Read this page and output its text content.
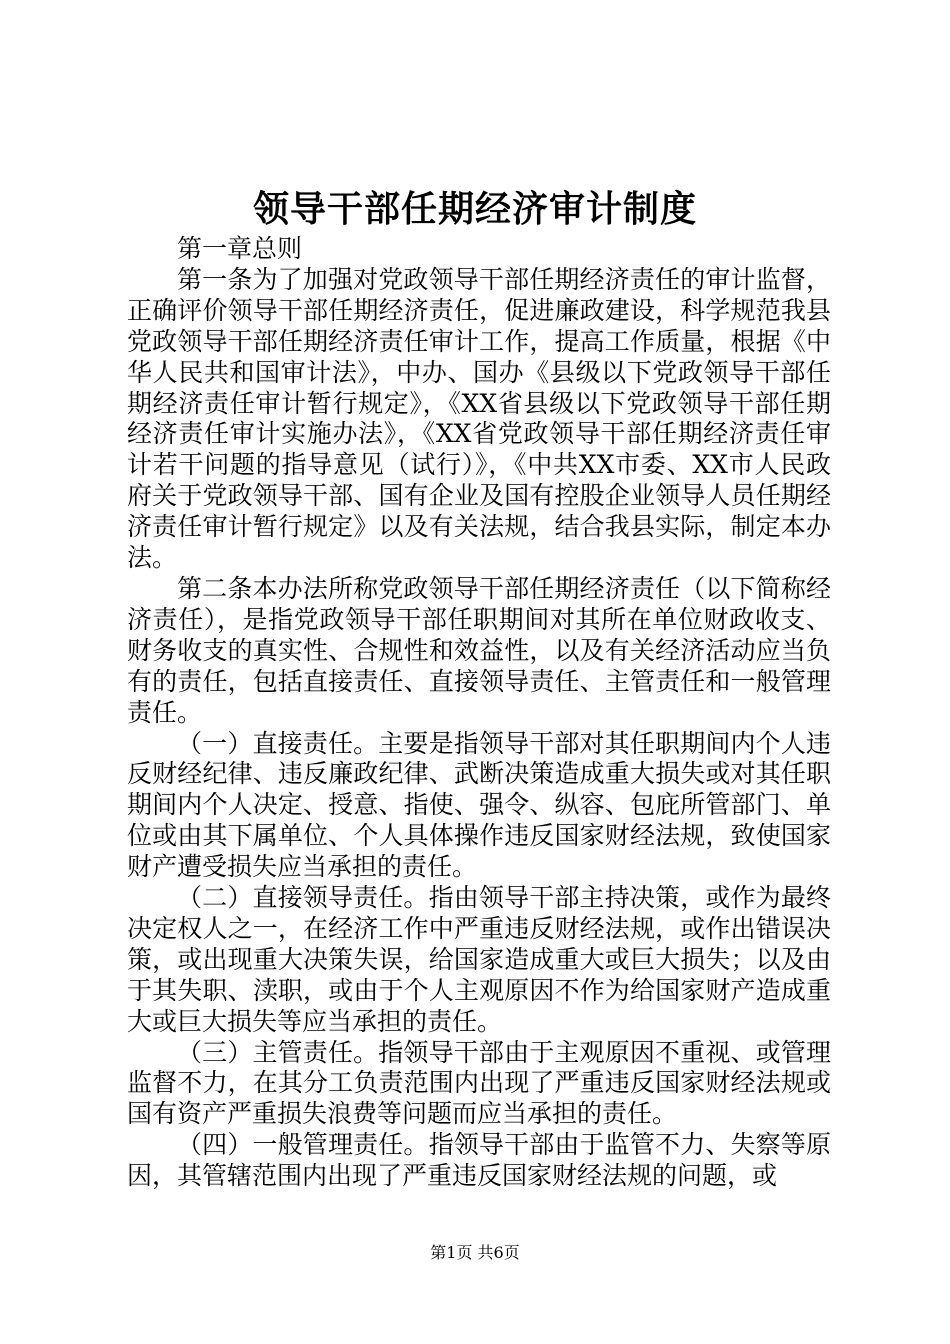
领导干部任期经济审计制度

第一章总则

第一条为了加强对党政领导干部任期经济责任的审计监督，正确评价领导干部任期经济责任，促进廉政建设，科学规范我县党政领导干部任期经济责任审计工作，提高工作质量，根据《中华人民共和国审计法》，中办、国办《县级以下党政领导干部任期经济责任审计暂行规定》，《XX省县级以下党政领导干部任期经济责任审计实施办法》，《XX省党政领导干部任期经济责任审计若干问题的指导意见（试行）》，《中共XX市委、XX市人民政府关于党政领导干部、国有企业及国有控股企业领导人员任期经济责任审计暂行规定》以及有关法规，结合我县实际，制定本办法。

第二条本办法所称党政领导干部任期经济责任（以下简称经济责任），是指党政领导干部任职期间对其所在单位财政收支、财务收支的真实性、合规性和效益性，以及有关经济活动应当负有的责任，包括直接责任、直接领导责任、主管责任和一般管理责任。

（一）直接责任。主要是指领导干部对其任职期间内个人违反财经纪律、违反廉政纪律、武断决策造成重大损失或对其任职期间内个人决定、授意、指使、强令、纵容、包庇所管部门、单位或由其下属单位、个人具体操作违反国家财经法规，致使国家财产遭受损失应当承担的责任。

（二）直接领导责任。指由领导干部主持决策，或作为最终决定权人之一，在经济工作中严重违反财经法规，或作出错误决策，或出现重大决策失误，给国家造成重大或巨大损失；以及由于其失职、渎职，或由于个人主观原因不作为给国家财产造成重大或巨大损失等应当承担的责任。

（三）主管责任。指领导干部由于主观原因不重视、或管理监督不力，在其分工负责范围内出现了严重违反国家财经法规或国有资产严重损失浪费等问题而应当承担的责任。

（四）一般管理责任。指领导干部由于监管不力、失察等原因，其管辖范围内出现了严重违反国家财经法规的问题，或

第1页 共6页
